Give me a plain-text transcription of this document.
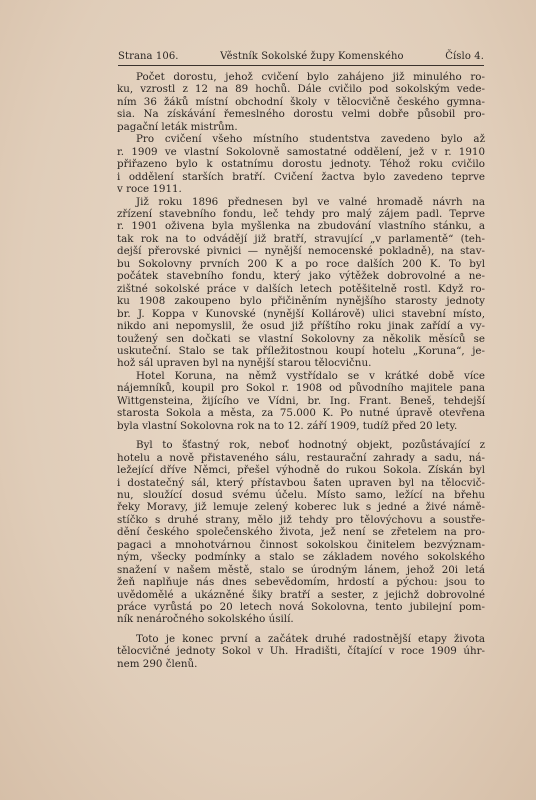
Strana 106.	Věstník Sokolské župy Komenského	Číslo 4.
Počet dorostu, jehož cvičení bylo zahájeno již minulého ro-
ku, vzrostl z 12 na 89 hochů. Dále cvičilo pod sokolským vede-
ním 36 žáků místní obchodní školy v tělocvičně českého gymna-
sia. Na získávání řemeslného dorostu velmi dobře působil pro-
pagační leták mistrům.
Pro cvičení všeho místního studentstva zavedeno bylo až
r. 1909 ve vlastní Sokolovně samostatné oddělení, jež v r. 1910
přiřazeno bylo k ostatnímu dorostu jednoty. Téhož roku cvičilo
i oddělení starších bratří. Cvičení žactva bylo zavedeno teprve
v roce 1911.
Již roku 1896 přednesen byl ve valné hromadě návrh na
zřízení stavebního fondu, leč tehdy pro malý zájem padl. Teprve
r. 1901 oživena byla myšlenka na zbudování vlastního stánku, a
tak rok na to odvádějí již bratří, stravující „v parlamentě“ (teh-
dejší přerovské pivnici — nynější nemocenské pokladně), na stav-
bu Sokolovny prvních 200 K a po roce dalších 200 K. To byl
počátek stavebního fondu, který jako výtěžek dobrovolné a ne-
zištné sokolské práce v dalších letech potěšitelně rostl. Když ro-
ku 1908 zakoupeno bylo přičiněním nynějšího starosty jednoty
br. J. Koppa v Kunovské (nynější Kollárově) ulici stavební místo,
nikdo ani nepomyslil, že osud již příštího roku jinak zařídí a vy-
toužený sen dočkati se vlastní Sokolovny za několik měsíců se
uskuteční. Stalo se tak příležitostnou koupí hotelu „Koruna“, je-
hož sál upraven byl na nynější starou tělocvičnu.
Hotel Koruna, na němž vystřídalo se v krátké době více
nájemníků, koupil pro Sokol r. 1908 od původního majitele pana
Wittgensteina, žijícího ve Vídni, br. Ing. Frant. Beneš, tehdejší
starosta Sokola a města, za 75.000 K. Po nutné úpravě otevřena
byla vlastní Sokolovna rok na to 12. září 1909, tudíž před 20 lety.
Byl to šťastný rok, neboť hodnotný objekt, pozůstávající z
hotelu a nově přistaveného sálu, restaurační zahrady a sadu, ná-
ležející dříve Němci, přešel výhodně do rukou Sokola. Získán byl
i dostatečný sál, který přístavbou šaten upraven byl na tělocvič-
nu, sloužící dosud svému účelu. Místo samo, ležící na břehu
řeky Moravy, již lemuje zelený koberec luk s jedné a živé námě-
stíčko s druhé strany, mělo již tehdy pro tělovýchovu a soustře-
dění českého společenského života, jež není se zřetelem na pro-
pagaci a mnohotvárnou činnost sokolskou činitelem bezvýznam-
ným, všecky podmínky a stalo se základem nového sokolského
snažení v našem městě, stalo se úrodným lánem, jehož 20i letá
žeň naplňuje nás dnes sebevědomím, hrdostí a pýchou: jsou to
uvědomělé a ukázněné šiky bratří a sester, z jejichž dobrovolné
práce vyrůstá po 20 letech nová Sokolovna, tento jubilejní pom-
ník nenáročného sokolského úsilí.
Toto je konec první a začátek druhé radostnější etapy života
tělocvičné jednoty Sokol v Uh. Hradišti, čítající v roce 1909 úhr-
nem 290 členů.
